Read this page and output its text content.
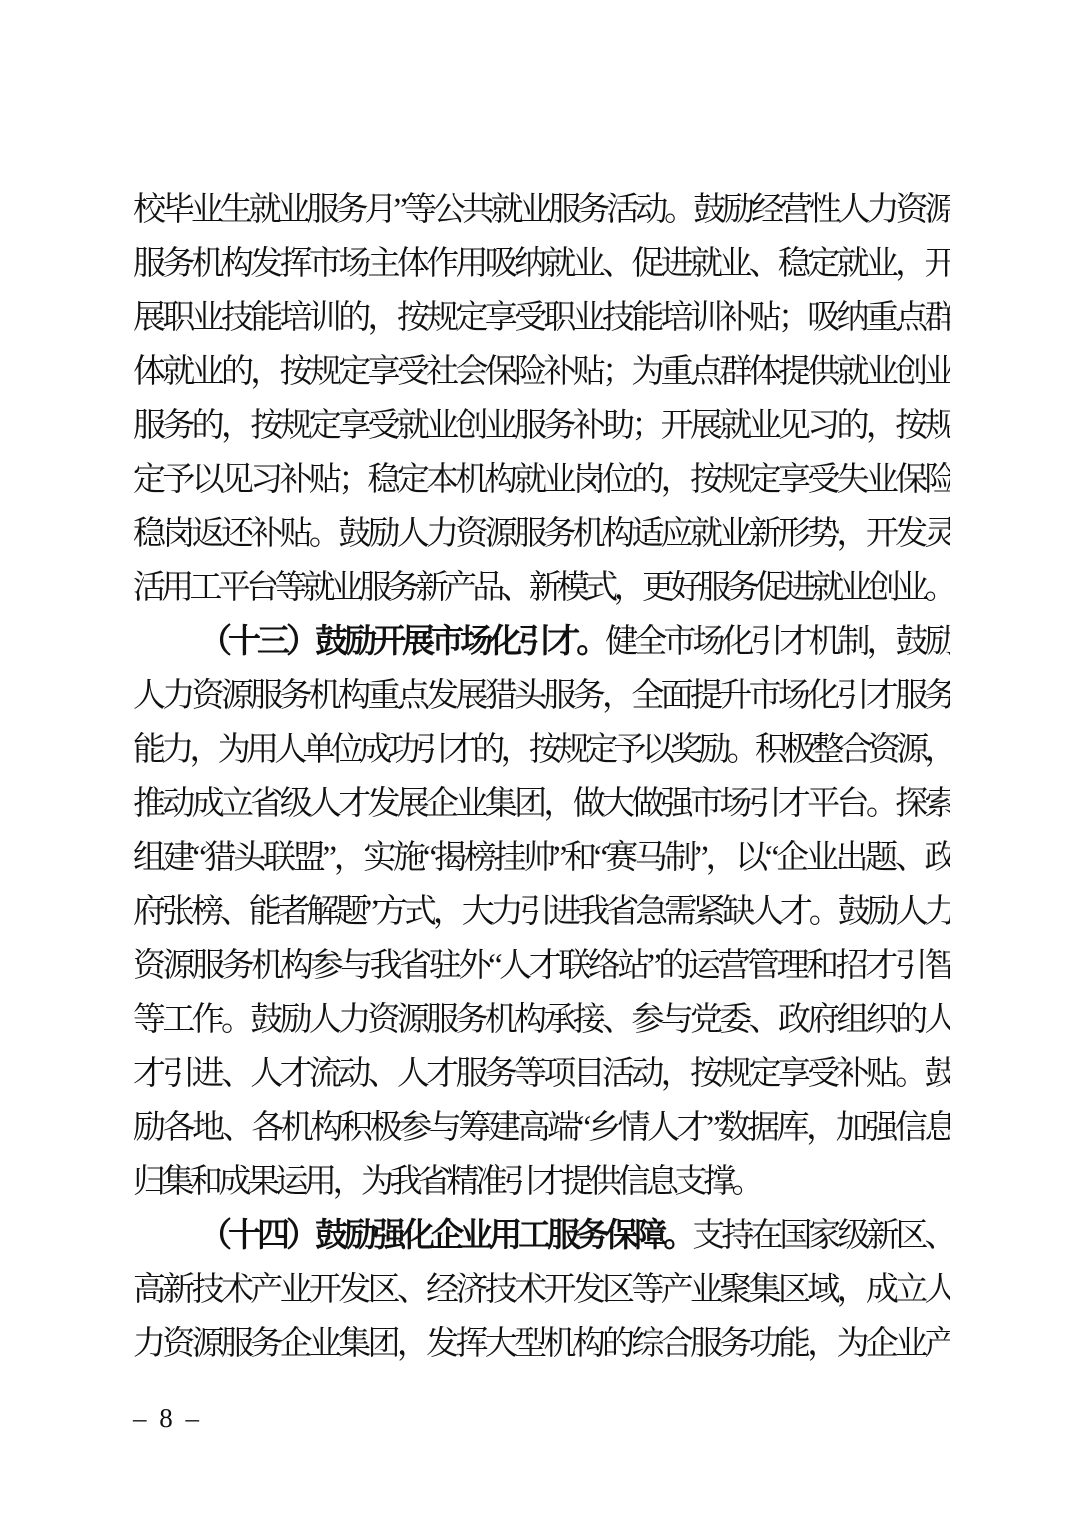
校毕业生就业服务月”等公共就业服务活动。鼓励经营性人力资源
服务机构发挥市场主体作用吸纳就业、促进就业、稳定就业，开
展职业技能培训的，按规定享受职业技能培训补贴；吸纳重点群
体就业的，按规定享受社会保险补贴；为重点群体提供就业创业
服务的，按规定享受就业创业服务补助；开展就业见习的，按规
定予以见习补贴；稳定本机构就业岗位的，按规定享受失业保险
稳岗返还补贴。鼓励人力资源服务机构适应就业新形势，开发灵
活用工平台等就业服务新产品、新模式，更好服务促进就业创业。
（十三）鼓励开展市场化引才。健全市场化引才机制，鼓励
人力资源服务机构重点发展猎头服务，全面提升市场化引才服务
能力，为用人单位成功引才的，按规定予以奖励。积极整合资源，
推动成立省级人才发展企业集团，做大做强市场引才平台。探索
组建“猎头联盟”，实施“揭榜挂帅”和“赛马制”，以“企业出题、政
府张榜、能者解题”方式，大力引进我省急需紧缺人才。鼓励人力
资源服务机构参与我省驻外“人才联络站”的运营管理和招才引智
等工作。鼓励人力资源服务机构承接、参与党委、政府组织的人
才引进、人才流动、人才服务等项目活动，按规定享受补贴。鼓
励各地、各机构积极参与筹建高端“乡情人才”数据库，加强信息
归集和成果运用，为我省精准引才提供信息支撑。
（十四）鼓励强化企业用工服务保障。支持在国家级新区、
高新技术产业开发区、经济技术开发区等产业聚集区域，成立人
力资源服务企业集团，发挥大型机构的综合服务功能，为企业产
– 8 –
